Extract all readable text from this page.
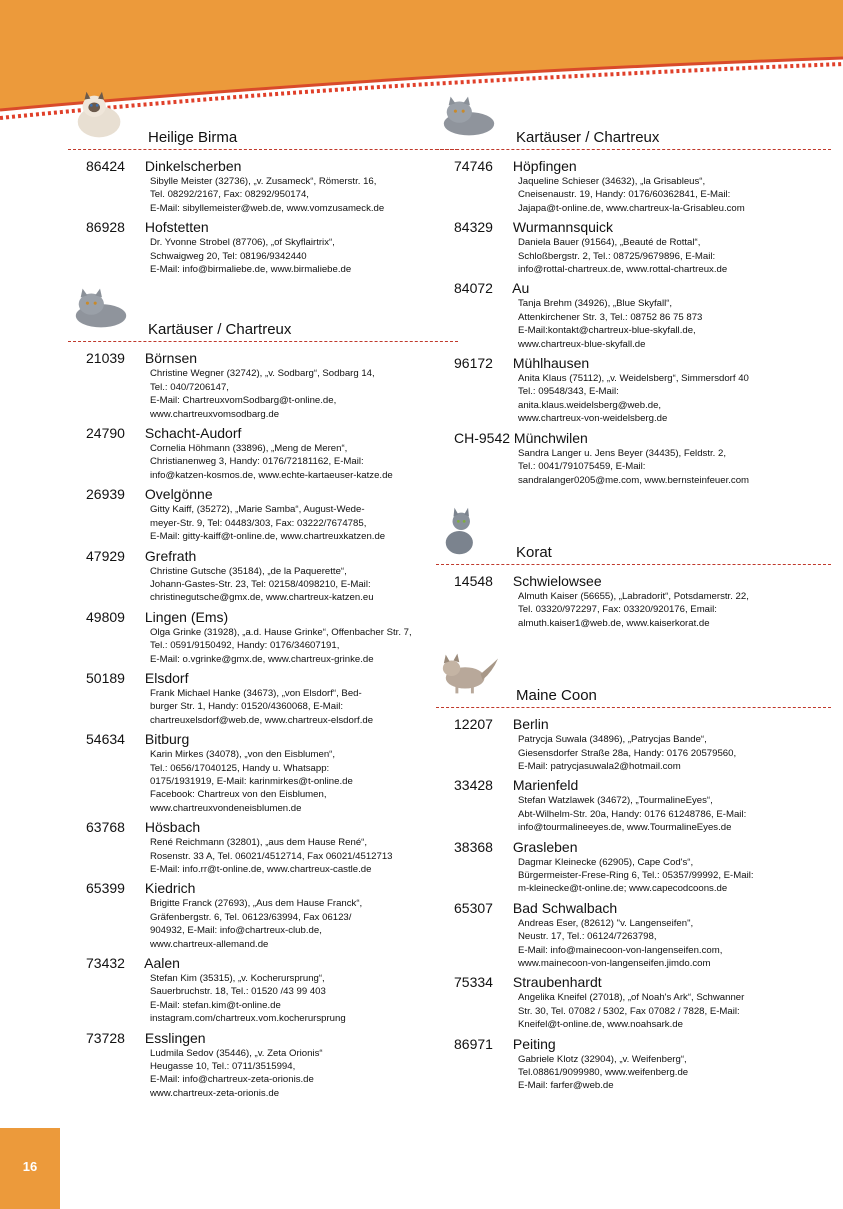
Heilige Birma
86424 Dinkelscherben
Sibylle Meister (32736), „v. Zusameck“, Römerstr. 16,
Tel. 08292/2167, Fax: 08292/950174,
E-Mail: sibyllemeister@web.de, www.vomzusameck.de
86928 Hofstetten
Dr. Yvonne Strobel (87706), „of Skyflairtrix“,
Schwaigweg 20, Tel: 08196/9342440
E-Mail: info@birmaliebe.de, www.birmaliebe.de
Kartäuser / Chartreux
21039 Börnsen
Christine Wegner (32742), „v. Sodbarg“, Sodbarg 14,
Tel.: 040/7206147,
E-Mail: ChartreuxvomSodbarg@t-online.de,
www.chartreuxvomsodbarg.de
24790 Schacht-Audorf
Cornelia Höhmann (33896), „Meng de Meren“,
Christianenweg 3, Handy: 0176/72181162, E-Mail:
info@katzen-kosmos.de, www.echte-kartaeuser-katze.de
26939 Ovelgönne
Gitty Kaiff, (35272), „Marie Samba“, August-Wede-
meyer-Str. 9, Tel: 04483/303, Fax: 03222/7674785,
E-Mail: gitty-kaiff@t-online.de, www.chartreuxkatzen.de
47929 Grefrath
Christine Gutsche (35184), „de la Paquerette“,
Johann-Gastes-Str. 23, Tel: 02158/4098210, E-Mail:
christinegutsche@gmx.de, www.chartreux-katzen.eu
49809 Lingen (Ems)
Olga Grinke (31928), „a.d. Hause Grinke“, Offenbacher Str. 7,
Tel.: 0591/9150492, Handy: 0176/34607191,
E-Mail: o.vgrinke@gmx.de, www.chartreux-grinke.de
50189 Elsdorf
Frank Michael Hanke (34673), „von Elsdorf“, Bed-
burger Str. 1, Handy: 01520/4360068, E-Mail:
chartreuxelsdorf@web.de, www.chartreux-elsdorf.de
54634 Bitburg
Karin Mirkes (34078), „von den Eisblumen“,
Tel.: 0656/17040125, Handy u. Whatsapp:
0175/1931919, E-Mail: karinmirkes@t-online.de
Facebook: Chartreux von den Eisblumen,
www.chartreuxvondeneisblumen.de
63768 Hösbach
René Reichmann (32801), „aus dem Hause René“,
Rosenstr. 33 A, Tel. 06021/4512714, Fax 06021/4512713
E-Mail: info.rr@t-online.de, www.chartreux-castle.de
65399 Kiedrich
Brigitte Franck (27693), „Aus dem Hause Franck“,
Gräfenbergstr. 6, Tel. 06123/63994, Fax 06123/
904932, E-Mail: info@chartreux-club.de,
www.chartreux-allemand.de
73432 Aalen
Stefan Kim (35315), „v. Kocherursprung“,
Sauerbruchstr. 18, Tel.: 01520 /43 99 403
E-Mail: stefan.kim@t-online.de
instagram.com/chartreux.vom.kocherursprung
73728 Esslingen
Ludmila Sedov (35446), „v. Zeta Orionis“
Heugasse 10, Tel.: 0711/3515994,
E-Mail: info@chartreux-zeta-orionis.de
www.chartreux-zeta-orionis.de
Kartäuser / Chartreux
74746 Höpfingen
Jaqueline Schieser (34632), „la Grisableus“,
Cneisenaustr. 19, Handy: 0176/60362841, E-Mail:
Jajapa@t-online.de, www.chartreux-la-Grisableu.com
84329 Wurmannsquick
Daniela Bauer (91564), „Beauté de Rottal“,
Schloßbergstr. 2, Tel.: 08725/9679896, E-Mail:
info@rottal-chartreux.de, www.rottal-chartreux.de
84072 Au
Tanja Brehm (34926), „Blue Skyfall“,
Attenkirchener Str. 3, Tel.: 08752 86 75 873
E-Mail:kontakt@chartreux-blue-skyfall.de,
www.chartreux-blue-skyfall.de
96172 Mühlhausen
Anita Klaus (75112), „v. Weidelsberg“, Simmersdorf 40
Tel.: 09548/343, E-Mail:
anita.klaus.weidelsberg@web.de,
www.chartreux-von-weidelsberg.de
CH-9542 Münchwilen
Sandra Langer u. Jens Beyer (34435), Feldstr. 2,
Tel.: 0041/791075459, E-Mail:
sandralanger0205@me.com, www.bernsteinfeuer.com
Korat
14548 Schwielowsee
Almuth Kaiser (56655), „Labradorit“, Potsdamerstr. 22,
Tel. 03320/972297, Fax: 03320/920176, Email:
almuth.kaiser1@web.de, www.kaiserkorat.de
Maine Coon
12207 Berlin
Patrycja Suwala (34896), „Patrycjas Bande“,
Giesensdorfer Straße 28a, Handy: 0176 20579560,
E-Mail: patrycjasuwala2@hotmail.com
33428 Marienfeld
Stefan Watzlawek (34672), „TourmalineEyes“,
Abt-Wilhelm-Str. 20a, Handy: 0176 61248786, E-Mail:
info@tourmalineeyes.de, www.TourmalineEyes.de
38368 Grasleben
Dagmar Kleinecke (62905), Cape Cod's“,
Bürgermeister-Frese-Ring 6, Tel.: 05357/99992, E-Mail:
m-kleinecke@t-online.de; www.capecodcoons.de
65307 Bad Schwalbach
Andreas Eser, (82612) "v. Langenseifen",
Neustr. 17, Tel.: 06124/7263798,
E-Mail: info@mainecoon-von-langenseifen.com,
www.mainecoon-von-langenseifen.jimdo.com
75334 Straubenhardt
Angelika Kneifel (27018), „of Noah's Ark“, Schwanner
Str. 30, Tel. 07082 / 5302, Fax 07082 / 7828, E-Mail:
Kneifel@t-online.de, www.noahsark.de
86971 Peiting
Gabriele Klotz (32904), „v. Weifenberg“,
Tel.08861/9099980, www.weifenberg.de
E-Mail: farfer@web.de
16
